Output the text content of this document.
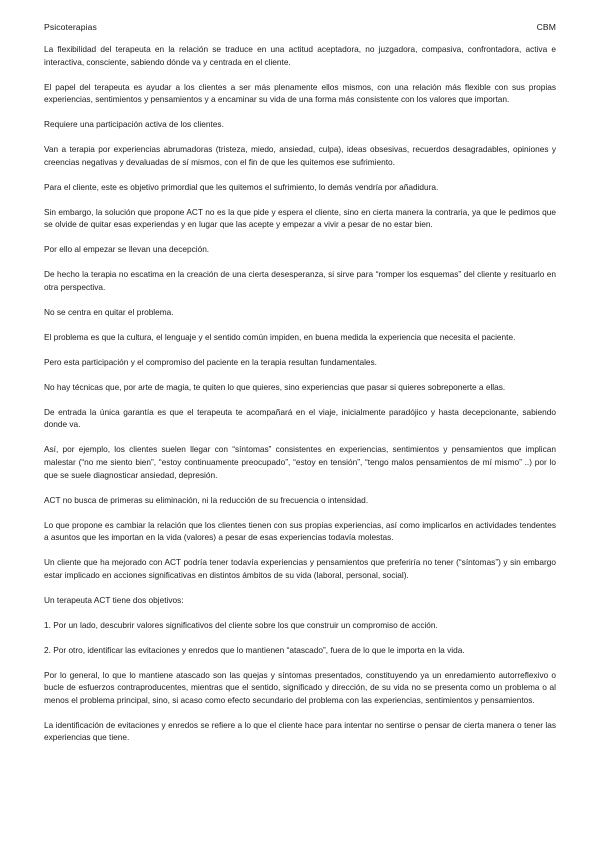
Psicoterapias	CBM

La flexibilidad del terapeuta en la relación se traduce en una actitud aceptadora, no juzgadora, compasiva, confrontadora, activa e interactiva, consciente, sabiendo dónde va y centrada en el cliente.

El papel del terapeuta es ayudar a los clientes a ser más plenamente ellos mismos, con una relación más flexible con sus propias experiencias, sentimientos y pensamientos y a encaminar su vida de una forma más consistente con los valores que importan.

Requiere una participación activa de los clientes.

Van a terapia por experiencias abrumadoras (tristeza, miedo, ansiedad, culpa), ideas obsesivas, recuerdos desagradables, opiniones y creencias negativas y devaluadas de sí mismos, con el fin de que les quitemos ese sufrimiento.

Para el cliente, este es objetivo primordial que les quitemos el sufrimiento, lo demás vendría por añadidura.

Sin embargo, la solución que propone ACT no es la que pide y espera el cliente, sino en cierta manera la contraria, ya que le pedimos que se olvide de quitar esas experiendas y en lugar que las acepte y empezar a vivir a pesar de no estar bien.

Por ello al empezar se llevan una decepción.

De hecho la terapia no escatima en la creación de una cierta desesperanza, si sirve para “romper los esquemas” del cliente y resituarlo en otra perspectiva.

No se centra en quitar el problema.

El problema es que la cultura, el lenguaje y el sentido común impiden, en buena medida la experiencia que necesita el paciente.

Pero esta participación y el compromiso del paciente en la terapia resultan fundamentales.

No hay técnicas que, por arte de magia, te quiten lo que quieres, sino experiencias que pasar si quieres sobreponerte a ellas.

De entrada la única garantía es que el terapeuta te acompañará en el viaje, inicialmente paradójico y hasta decepcionante, sabiendo donde va.

Así, por ejemplo, los clientes suelen llegar con “síntomas” consistentes en experiencias, sentimientos y pensamientos que implican malestar (“no me siento bien”, “estoy continuamente preocupado”, “estoy en tensión”, “tengo malos pensamientos de mí mismo” ..) por lo que se suele diagnosticar ansiedad, depresión.

ACT no busca de primeras su eliminación, ni la reducción de su frecuencia o intensidad.

Lo que propone es cambiar la relación que los clientes tienen con sus propias experiencias, así como implicarlos en actividades tendentes a asuntos que les importan en la vida (valores) a pesar de esas experiencias todavía molestas.

Un cliente que ha mejorado con ACT podría tener todavía experiencias y pensamientos que preferiría no tener (“síntomas”) y sin embargo estar implicado en acciones significativas en distintos ámbitos de su vida (laboral, personal, social).

Un terapeuta ACT tiene dos objetivos:

1. Por un lado, descubrir valores significativos del cliente sobre los que construir un compromiso de acción.

2. Por otro, identificar las evitaciones y enredos que lo mantienen “atascado”, fuera de lo que le importa en la vida.

Por lo general, lo que lo mantiene atascado son las quejas y síntomas presentados, constituyendo ya un enredamiento autorreflexivo o bucle de esfuerzos contraproducentes, mientras que el sentido, significado y dirección, de su vida no se presenta como un problema o al menos el problema principal, sino, si acaso como efecto secundario del problema con las experiencias, sentimientos y pensamientos.

La identificación de evitaciones y enredos se refiere a lo que el cliente hace para intentar no sentirse o pensar de cierta manera o tener las experiencias que tiene.
